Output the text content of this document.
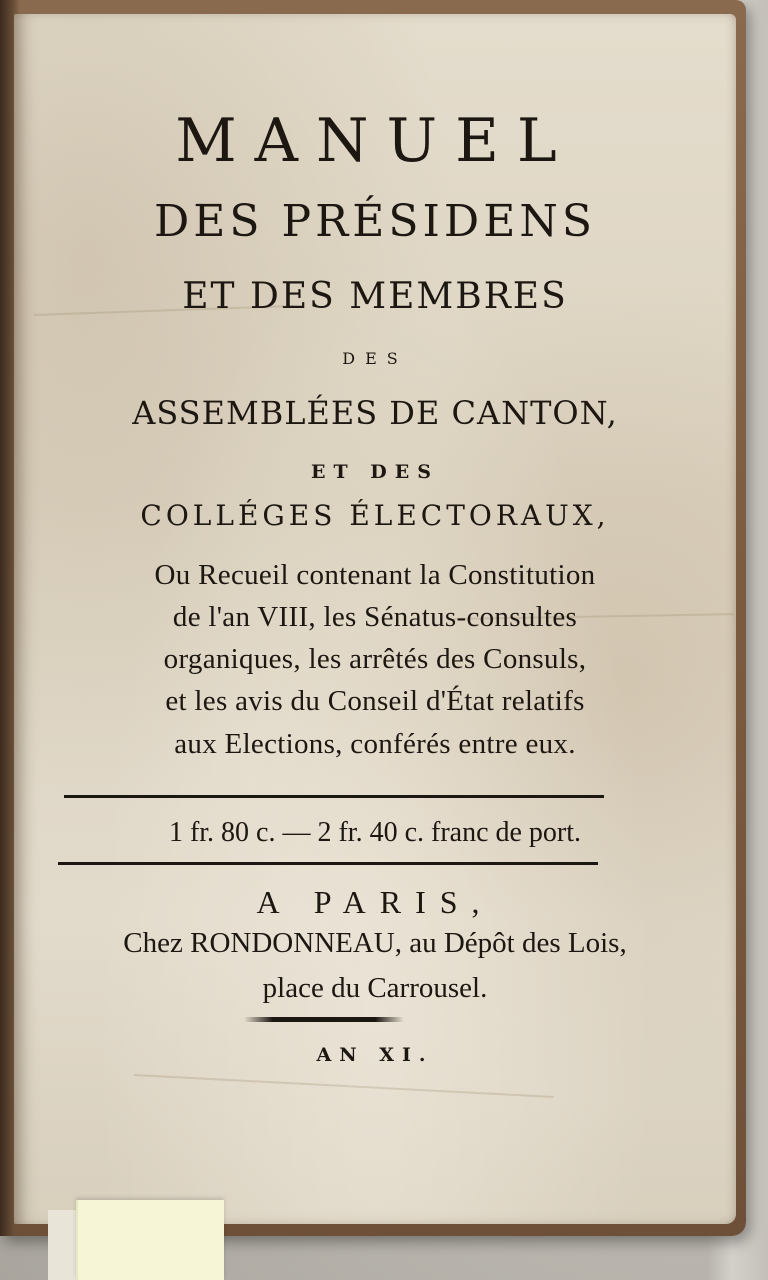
MANUEL
DES PRÉSIDENS
ET DES MEMBRES
DES
ASSEMBLÉES DE CANTON,
ET DES
COLLÉGES ÉLECTORAUX,
Ou Recueil contenant la Constitution
de l'an VIII, les Sénatus-consultes
organiques, les arrêtés des Consuls,
et les avis du Conseil d'État relatifs
aux Elections, conférés entre eux.
1 fr. 80 c. — 2 fr. 40 c. franc de port.
A PARIS,
Chez RONDONNEAU, au Dépôt des Lois,
place du Carrousel.
AN XI.
